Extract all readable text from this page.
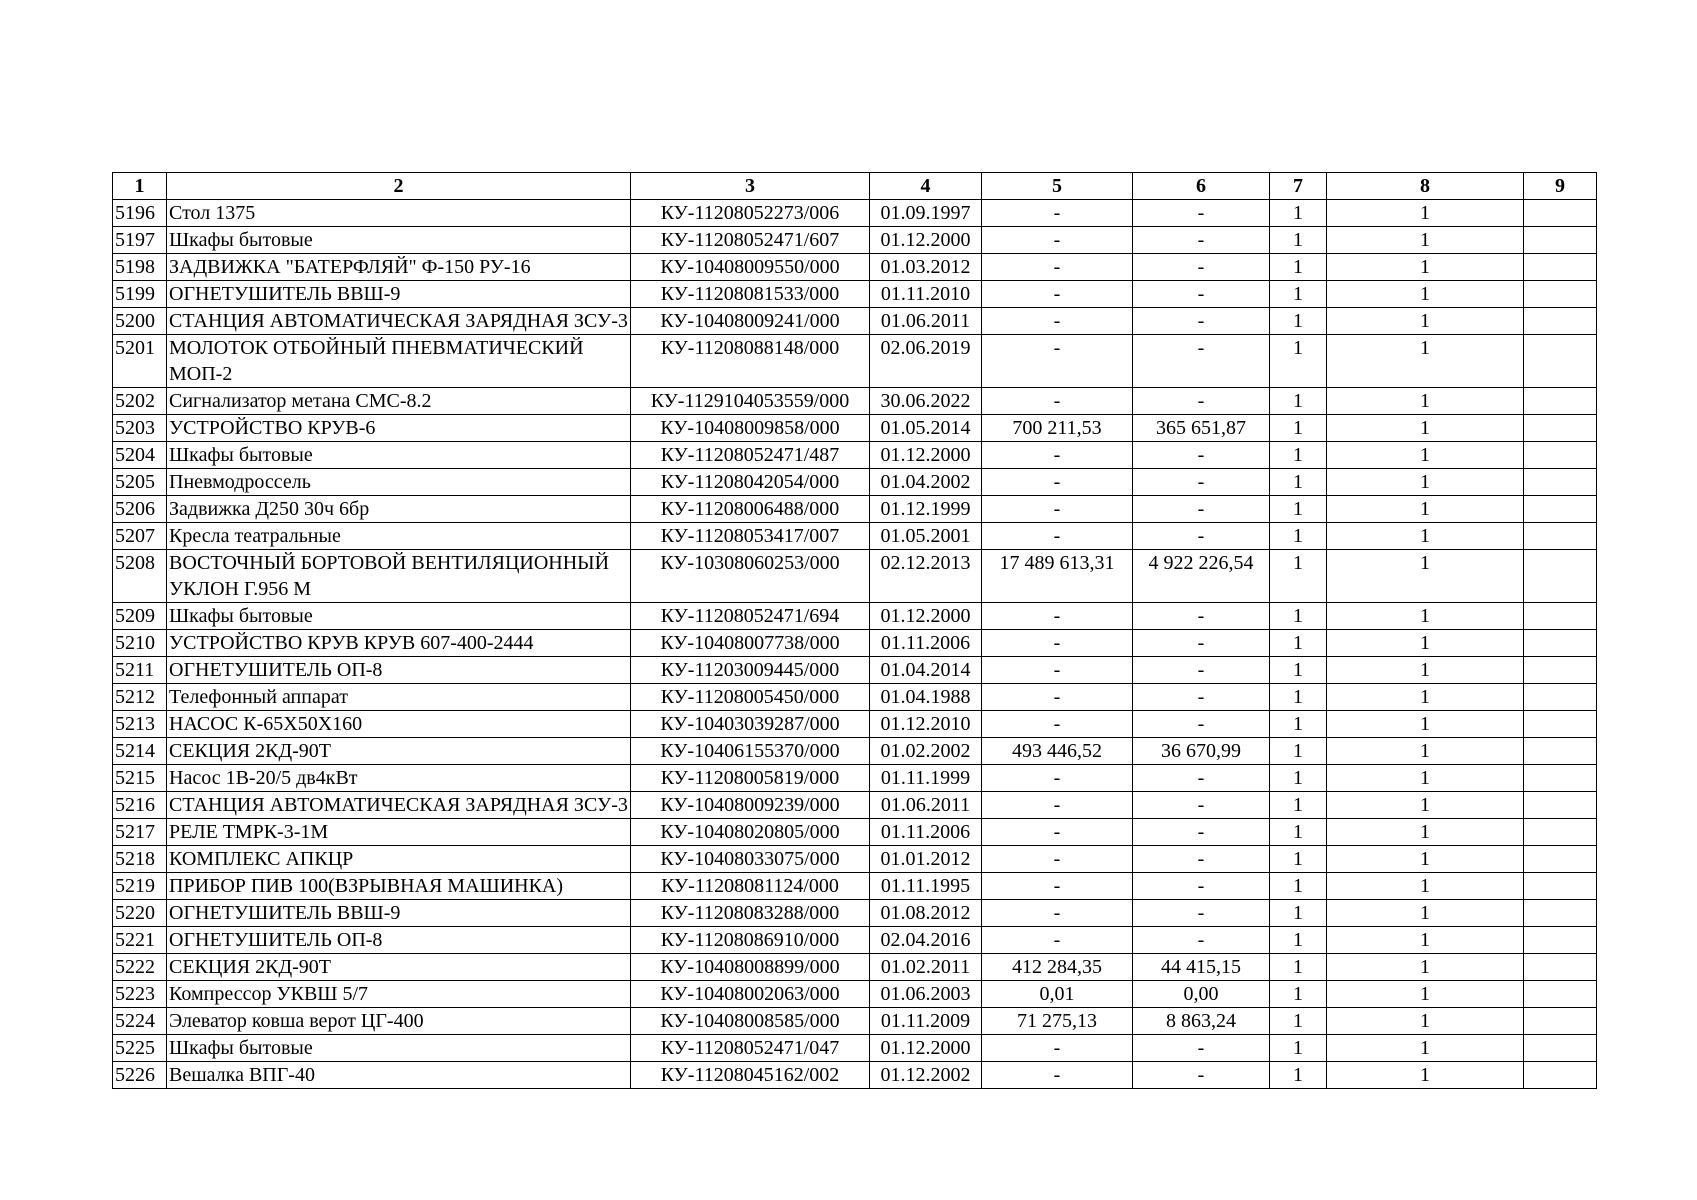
1	2	3	4	5	6	7	8	9
5196	Стол 1375	КУ-11208052273/006	01.09.1997	-	-	1	1	
5197	Шкафы бытовые	КУ-11208052471/607	01.12.2000	-	-	1	1	
5198	ЗАДВИЖКА "БАТЕРФЛЯЙ" Ф-150 РУ-16	КУ-10408009550/000	01.03.2012	-	-	1	1	
5199	ОГНЕТУШИТЕЛЬ ВВШ-9	КУ-11208081533/000	01.11.2010	-	-	1	1	
5200	СТАНЦИЯ АВТОМАТИЧЕСКАЯ ЗАРЯДНАЯ ЗСУ-3	КУ-10408009241/000	01.06.2011	-	-	1	1	
5201	МОЛОТОК ОТБОЙНЫЙ ПНЕВМАТИЧЕСКИЙ МОП-2	КУ-11208088148/000	02.06.2019	-	-	1	1	
5202	Сигнализатор метана СМС-8.2	КУ-1129104053559/000	30.06.2022	-	-	1	1	
5203	УСТРОЙСТВО КРУВ-6	КУ-10408009858/000	01.05.2014	700 211,53	365 651,87	1	1	
5204	Шкафы бытовые	КУ-11208052471/487	01.12.2000	-	-	1	1	
5205	Пневмодроссель	КУ-11208042054/000	01.04.2002	-	-	1	1	
5206	Задвижка Д250 30ч 6бр	КУ-11208006488/000	01.12.1999	-	-	1	1	
5207	Кресла театральные	КУ-11208053417/007	01.05.2001	-	-	1	1	
5208	ВОСТОЧНЫЙ БОРТОВОЙ ВЕНТИЛЯЦИОННЫЙ УКЛОН Г.956 М	КУ-10308060253/000	02.12.2013	17 489 613,31	4 922 226,54	1	1	
5209	Шкафы бытовые	КУ-11208052471/694	01.12.2000	-	-	1	1	
5210	УСТРОЙСТВО КРУВ КРУВ 607-400-2444	КУ-10408007738/000	01.11.2006	-	-	1	1	
5211	ОГНЕТУШИТЕЛЬ ОП-8	КУ-11203009445/000	01.04.2014	-	-	1	1	
5212	Телефонный аппарат	КУ-11208005450/000	01.04.1988	-	-	1	1	
5213	НАСОС К-65Х50Х160	КУ-10403039287/000	01.12.2010	-	-	1	1	
5214	СЕКЦИЯ 2КД-90Т	КУ-10406155370/000	01.02.2002	493 446,52	36 670,99	1	1	
5215	Насос 1В-20/5 дв4кВт	КУ-11208005819/000	01.11.1999	-	-	1	1	
5216	СТАНЦИЯ АВТОМАТИЧЕСКАЯ ЗАРЯДНАЯ ЗСУ-3	КУ-10408009239/000	01.06.2011	-	-	1	1	
5217	РЕЛЕ ТМРК-3-1М	КУ-10408020805/000	01.11.2006	-	-	1	1	
5218	КОМПЛЕКС АПКЦР	КУ-10408033075/000	01.01.2012	-	-	1	1	
5219	ПРИБОР ПИВ 100(ВЗРЫВНАЯ МАШИНКА)	КУ-11208081124/000	01.11.1995	-	-	1	1	
5220	ОГНЕТУШИТЕЛЬ ВВШ-9	КУ-11208083288/000	01.08.2012	-	-	1	1	
5221	ОГНЕТУШИТЕЛЬ ОП-8	КУ-11208086910/000	02.04.2016	-	-	1	1	
5222	СЕКЦИЯ 2КД-90Т	КУ-10408008899/000	01.02.2011	412 284,35	44 415,15	1	1	
5223	Компрессор УКВШ 5/7	КУ-10408002063/000	01.06.2003	0,01	0,00	1	1	
5224	Элеватор ковша верот ЦГ-400	КУ-10408008585/000	01.11.2009	71 275,13	8 863,24	1	1	
5225	Шкафы бытовые	КУ-11208052471/047	01.12.2000	-	-	1	1	
5226	Вешалка ВПГ-40	КУ-11208045162/002	01.12.2002	-	-	1	1	
